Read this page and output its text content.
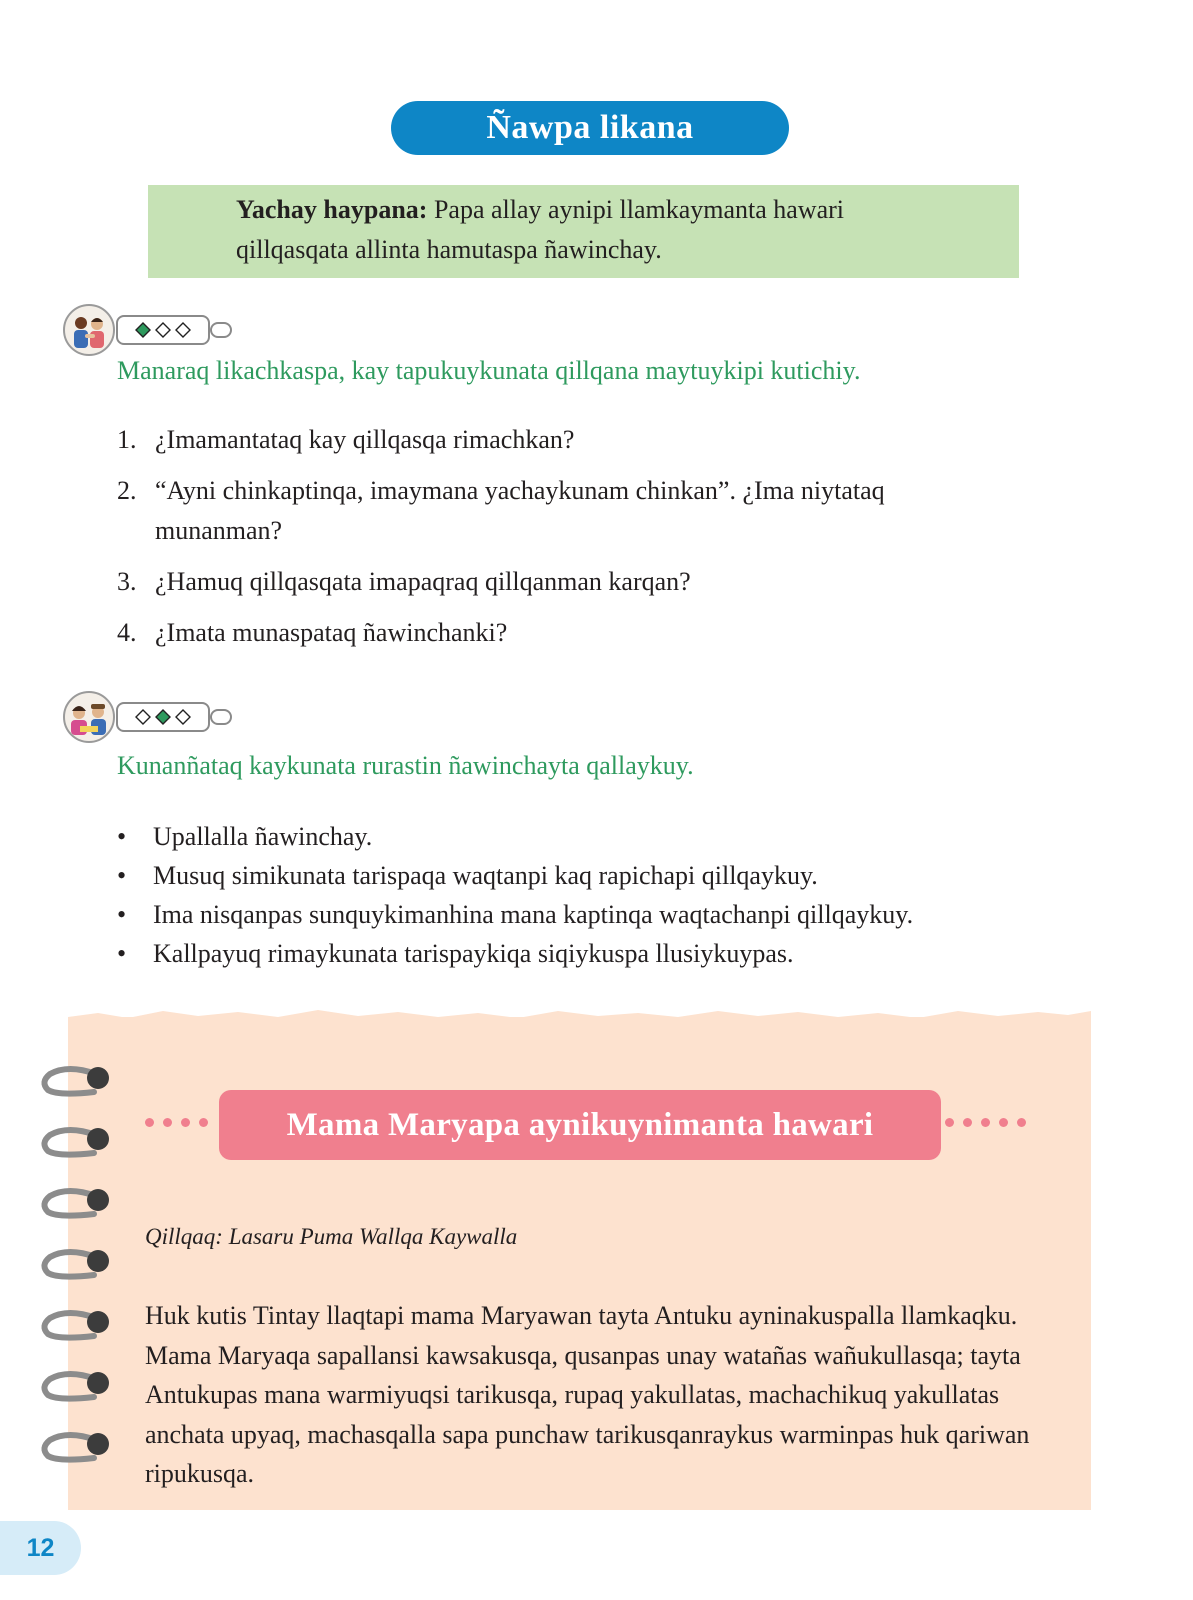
Ñawpa likana
Yachay haypana: Papa allay aynipi llamkaymanta hawari qillqasqata allinta hamutaspa ñawinchay.
Manaraq likachkaspa, kay tapukuykunata qillqana maytuykipi kutichiy.
1. ¿Imamantataq kay qillqasqa rimachkan?
2. “Ayni chinkaptinqa, imaymana yachaykunam chinkan”. ¿Ima niytataq munanman?
3. ¿Hamuq qillqasqata imapaqraq qillqanman karqan?
4. ¿Imata munaspataq ñawinchanki?
Kunanñataq kaykunata rurastin ñawinchayta qallaykuy.
•	Upallalla ñawinchay.
•	Musuq simikunata tarispaqa waqtanpi kaq rapichapi qillqaykuy.
•	Ima nisqanpas sunquykimanhina mana kaptinqa waqtachanpi qillqaykuy.
•	Kallpayuq rimaykunata tarispaykiqa siqiykuspa llusiykuypas.
Mama Maryapa aynikuynimanta hawari
Qillqaq: Lasaru Puma Wallqa Kaywalla

Huk kutis Tintay llaqtapi mama Maryawan tayta Antuku ayninakuspalla llamkaqku. Mama Maryaqa sapallansi kawsakusqa, qusanpas unay watañas wañukullasqa; tayta Antukupas mana warmiyuqsi tarikusqa, rupaq yakullatas, machachikuq yakullatas anchata upyaq, machasqalla sapa punchaw tarikusqanraykus warminpas huk qariwan ripukusqa.

12
